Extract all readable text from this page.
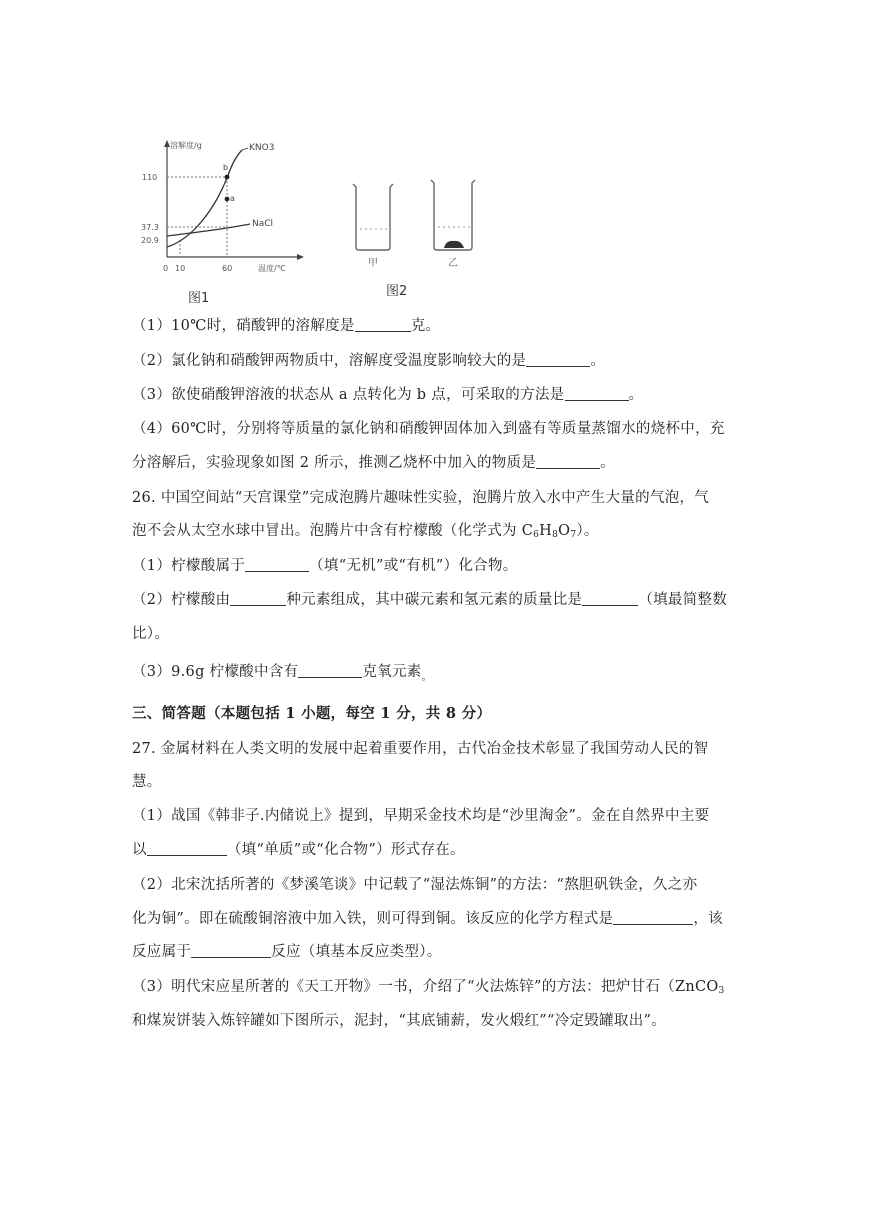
溶解度/g
温度/℃
110
37.3
20.9
0 10	60
KNO3
NaCl
b
a
图1
甲	乙
图2
（1）10℃时，硝酸钾的溶解度是	克。
（2）氯化钠和硝酸钾两物质中，溶解度受温度影响较大的是	。
（3）欲使硝酸钾溶液的状态从 a 点转化为 b 点，可采取的方法是	。
（4）60℃时，分别将等质量的氯化钠和硝酸钾固体加入到盛有等质量蒸馏水的烧杯中，充
分溶解后，实验现象如图 2 所示，推测乙烧杯中加入的物质是	。
26. 中国空间站“天宫课堂”完成泡腾片趣味性实验，泡腾片放入水中产生大量的气泡，气
泡不会从太空水球中冒出。泡腾片中含有柠檬酸（化学式为 $C_6H_8O_7$）。
（1）柠檬酸属于	（填“无机”或“有机”）化合物。
（2）柠檬酸由	种元素组成，其中碳元素和氢元素的质量比是	（填最简整数
比）。
（3）9.6g 柠檬酸中含有	克氧元素$_。$
三、简答题（本题包括 1 小题，每空 1 分，共 8 分）
27. 金属材料在人类文明的发展中起着重要作用，古代冶金技术彰显了我国劳动人民的智
慧。
（1）战国《韩非子.内储说上》提到，早期采金技术均是“沙里淘金”。金在自然界中主要
以	（填“单质”或“化合物”）形式存在。
（2）北宋沈括所著的《梦溪笔谈》中记载了“湿法炼铜”的方法：“熬胆矾铁金，久之亦
化为铜”。即在硫酸铜溶液中加入铁，则可得到铜。该反应的化学方程式是	，该
反应属于	反应（填基本反应类型）。
（3）明代宋应星所著的《天工开物》一书，介绍了“火法炼锌”的方法：把炉甘石（ZnCO$_3$
和煤炭饼装入炼锌罐如下图所示，泥封，“其底铺薪，发火煅红”“冷定毁罐取出”。
